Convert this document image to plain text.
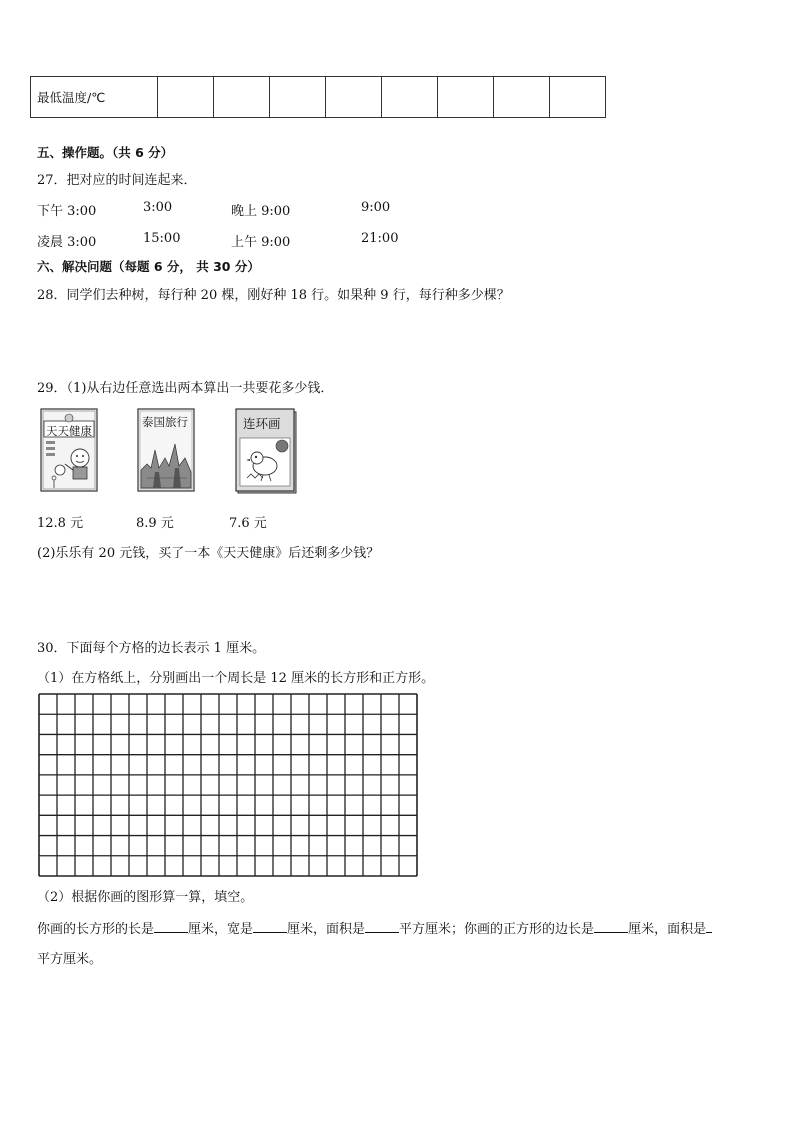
最低温度/℃								
五、操作题。（共 6 分）
27．把对应的时间连起来．
下午 3:00	3:00	晚上 9:00	9:00
凌晨 3:00	15:00	上午 9:00	21:00
六、解决问题（每题 6 分， 共 30 分）
28．同学们去种树，每行种 20 棵，刚好种 18 行。如果种 9 行，每行种多少棵？
29．（1)从右边任意选出两本算出一共要花多少钱．
天天健康
泰国旅行	连环画
12.8 元	8.9 元	7.6 元
(2)乐乐有 20 元钱，买了一本《天天健康》后还剩多少钱？
30．下面每个方格的边长表示 1 厘米。
（1）在方格纸上，分别画出一个周长是 12 厘米的长方形和正方形。
（2）根据你画的图形算一算，填空。
你画的长方形的长是	厘米，宽是	厘米，面积是	平方厘米；你画的正方形的边长是	厘米，面积是
平方厘米。
